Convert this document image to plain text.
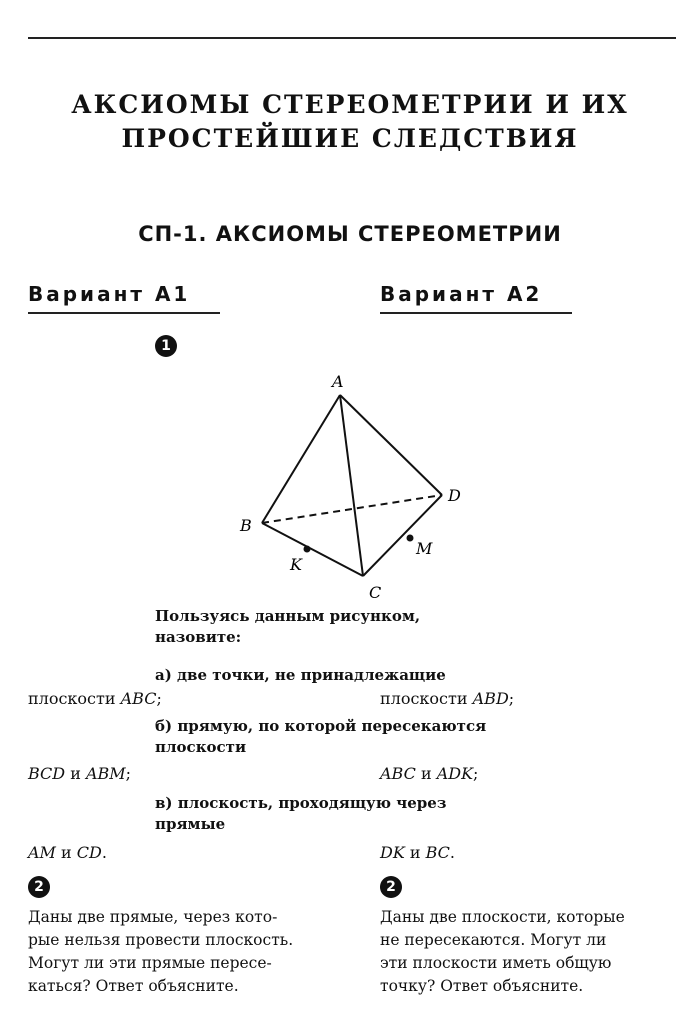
АКСИОМЫ СТЕРЕОМЕТРИИ И ИХ
ПРОСТЕЙШИЕ СЛЕДСТВИЯ
СП-1. АКСИОМЫ СТЕРЕОМЕТРИИ
Вариант А1	Вариант А2
1
A
B
C
D
K
M
Пользуясь данным рисунком,
назовите:
а) две точки, не принадлежащие
плоскости ABC;	плоскости ABD;
б) прямую, по которой пересекаются
плоскости
BCD и ABM;	ABC и ADK;
в) плоскость, проходящую через
прямые
AM и CD.	DK и BC.
2	2
Даны две прямые, через кото-
рые нельзя провести плоскость.
Могут ли эти прямые пересе-
каться? Ответ объясните.
Даны две плоскости, которые
не пересекаются. Могут ли
эти плоскости иметь общую
точку? Ответ объясните.
